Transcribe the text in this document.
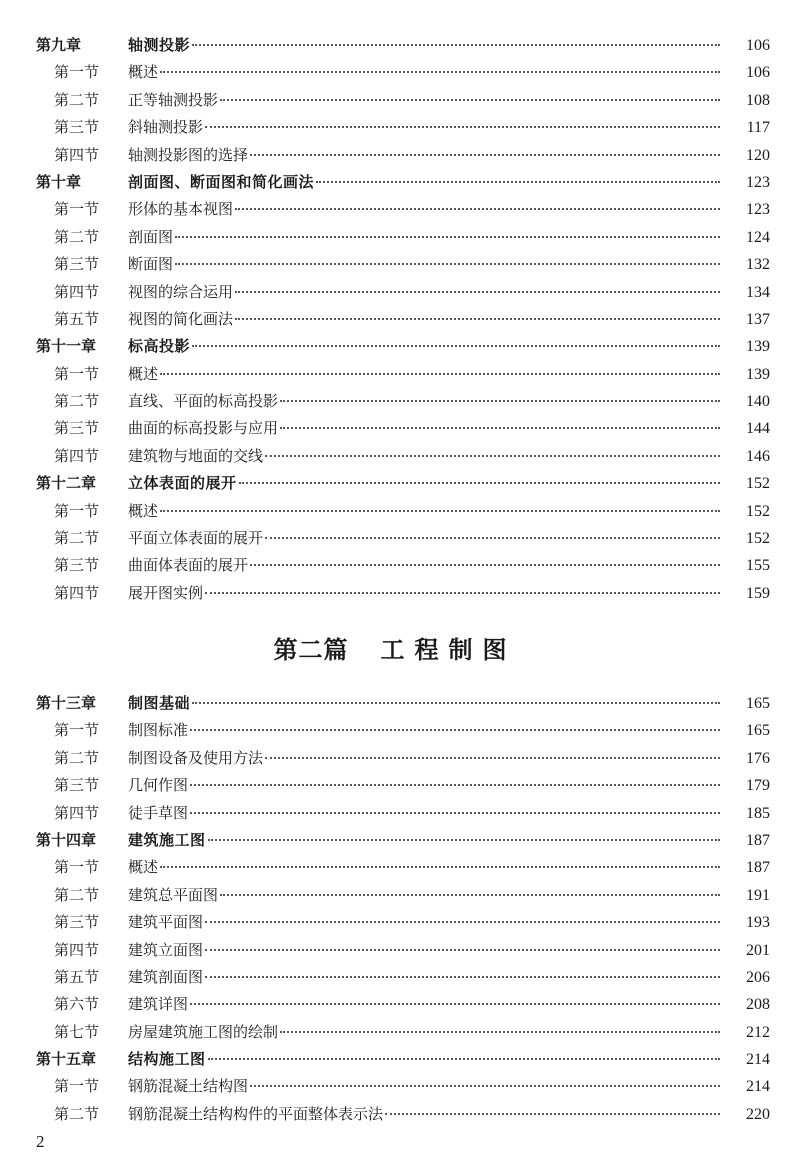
第九章	轴测投影	106
第一节	概述	106
第二节	正等轴测投影	108
第三节	斜轴测投影	117
第四节	轴测投影图的选择	120
第十章	剖面图、断面图和简化画法	123
第一节	形体的基本视图	123
第二节	剖面图	124
第三节	断面图	132
第四节	视图的综合运用	134
第五节	视图的简化画法	137
第十一章	标高投影	139
第一节	概述	139
第二节	直线、平面的标高投影	140
第三节	曲面的标高投影与应用	144
第四节	建筑物与地面的交线	146
第十二章	立体表面的展开	152
第一节	概述	152
第二节	平面立体表面的展开	152
第三节	曲面体表面的展开	155
第四节	展开图实例	159
第二篇 工程制图
第十三章	制图基础	165
第一节	制图标准	165
第二节	制图设备及使用方法	176
第三节	几何作图	179
第四节	徒手草图	185
第十四章	建筑施工图	187
第一节	概述	187
第二节	建筑总平面图	191
第三节	建筑平面图	193
第四节	建筑立面图	201
第五节	建筑剖面图	206
第六节	建筑详图	208
第七节	房屋建筑施工图的绘制	212
第十五章	结构施工图	214
第一节	钢筋混凝土结构图	214
第二节	钢筋混凝土结构构件的平面整体表示法	220
2
